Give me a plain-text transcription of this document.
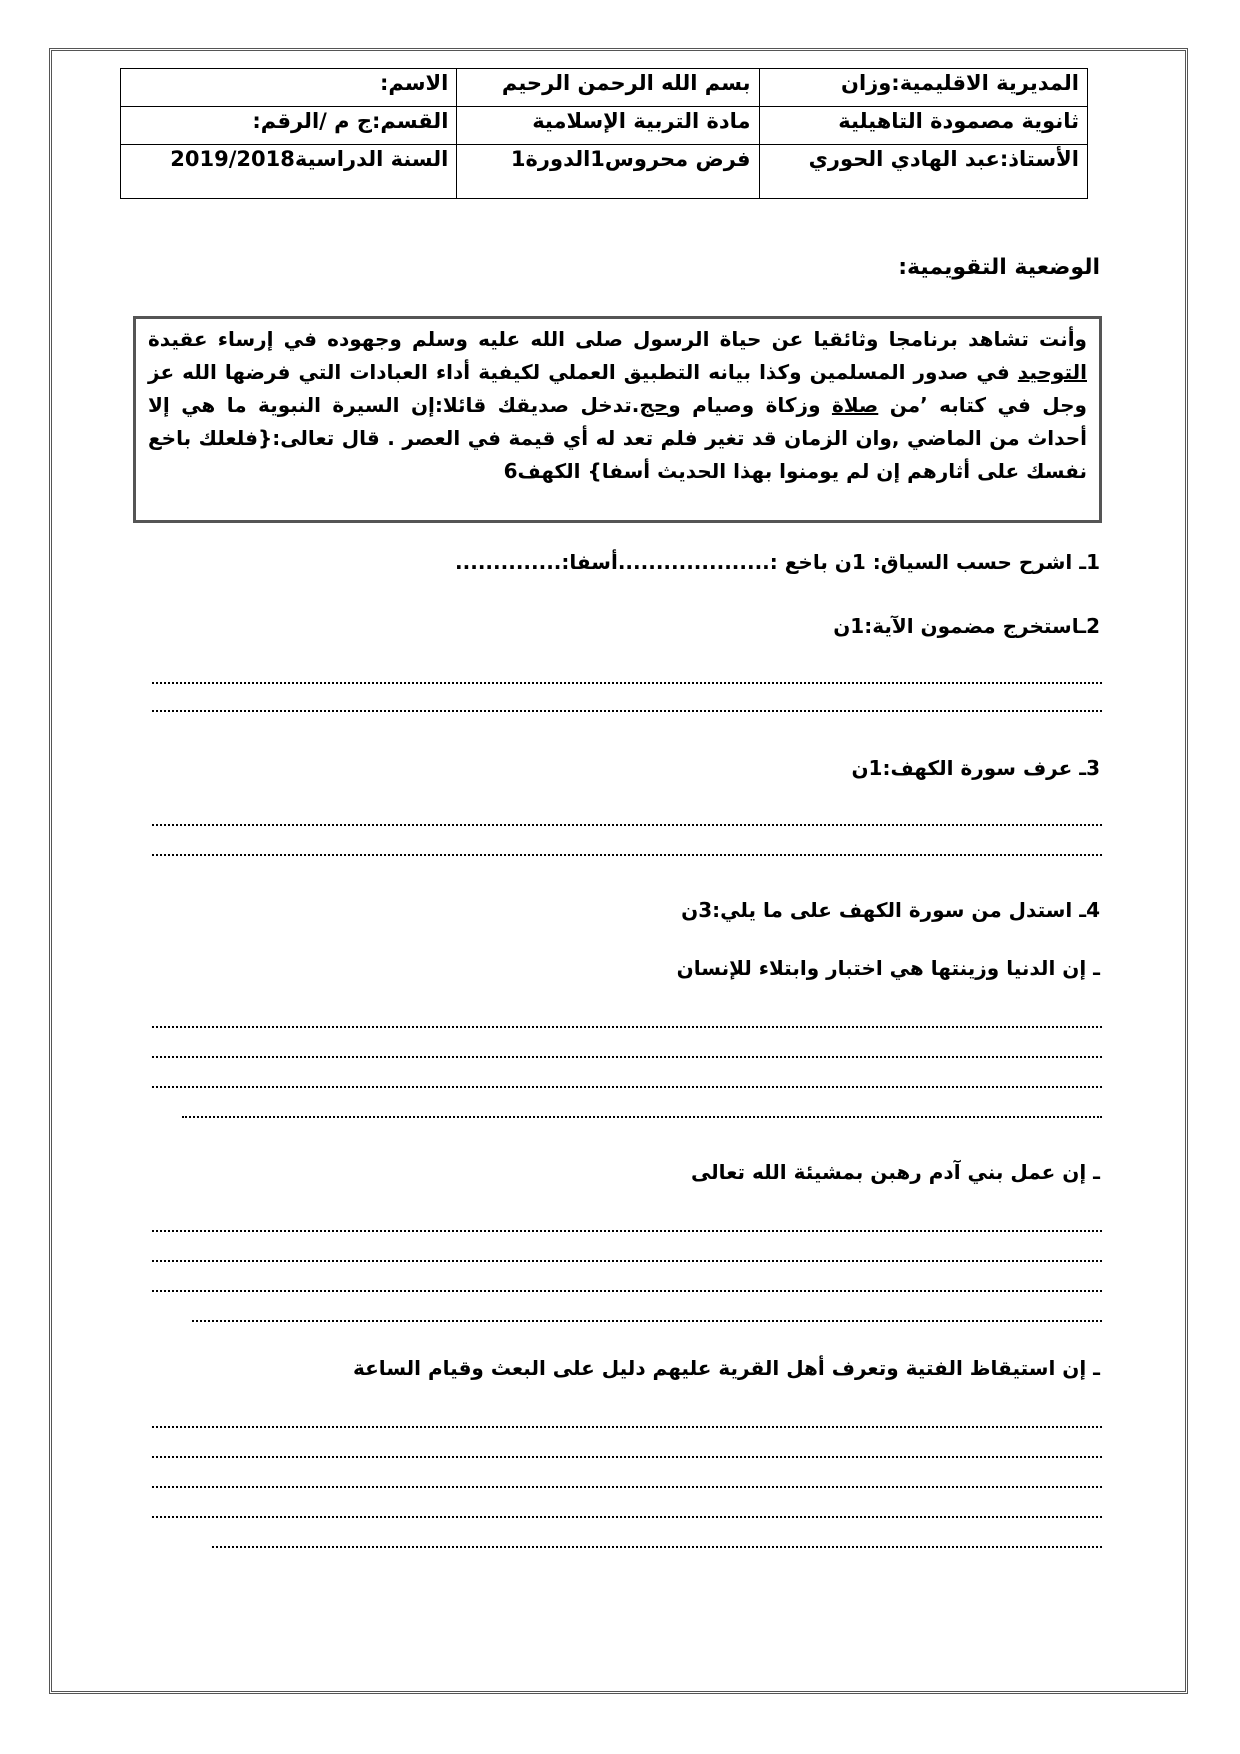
المديرية الاقليمية:وزان	بسم الله الرحمن الرحيم	الاسم:
ثانوية مصمودة التاهيلية	مادة التربية الإسلامية	القسم:ج م /الرقم:
الأستاذ:عبد الهادي الحوري	فرض محروس1الدورة1	السنة الدراسية2019/2018
الوضعية التقويمية:
وأنت تشاهد برنامجا وثائقيا عن حياة الرسول صلى الله عليه وسلم وجهوده في إرساء عقيدة التوحيد في صدور المسلمين وكذا بيانه التطبيق العملي لكيفية أداء العبادات التي فرضها الله عز وجل في كتابه ’من صلاة وزكاة وصيام وحج.تدخل صديقك قائلا:إن السيرة النبوية ما هي إلا أحداث من الماضي ,وان الزمان قد تغير فلم تعد له أي قيمة في العصر . قال تعالى:{فلعلك باخع نفسك على أثارهم إن لم يومنوا بهذا الحديث أسفا} الكهف6
1ـ اشرح حسب السياق: 1ن باخع :....................أسفا:..............
2ـاستخرج مضمون الآية:1ن
3ـ عرف سورة الكهف:1ن
4ـ استدل من سورة الكهف على ما يلي:3ن
ـ إن الدنيا وزينتها هي اختبار وابتلاء للإنسان
ـ إن عمل بني آدم رهبن بمشيئة الله تعالى
ـ إن استيقاظ الفتية وتعرف أهل القرية عليهم دليل على البعث وقيام الساعة
